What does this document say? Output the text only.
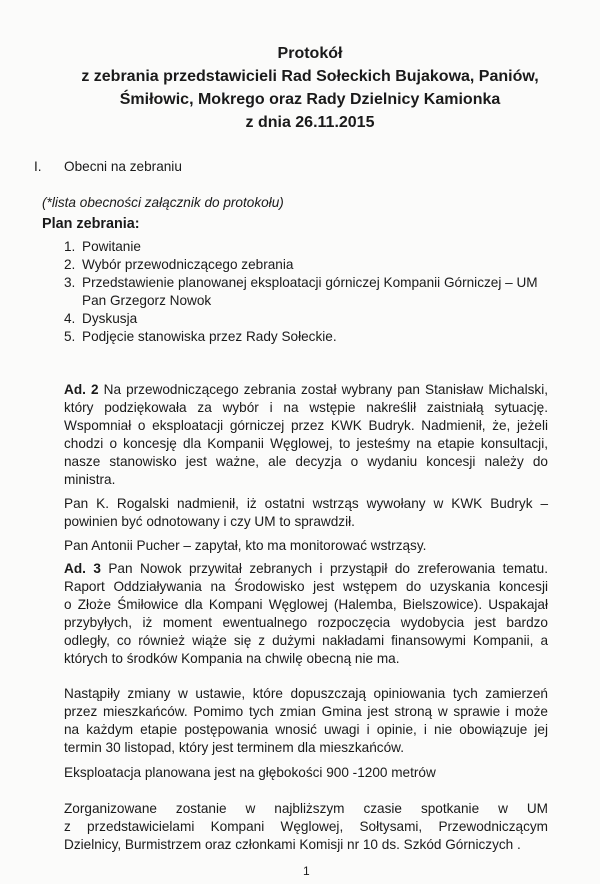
Protokół

z zebrania przedstawicieli Rad Sołeckich Bujakowa, Paniów,

Śmiłowic, Mokrego oraz Rady Dzielnicy Kamionka

z dnia 26.11.2015

I. Obecni na zebraniu

(*lista obecności załącznik do protokołu)

Plan zebrania:

1. Powitanie

2. Wybór przewodniczącego zebrania

3. Przedstawienie planowanej eksploatacji górniczej Kompanii Górniczej – UM

Pan Grzegorz Nowok

4. Dyskusja

5. Podjęcie stanowiska przez Rady Sołeckie.

Ad. 2 Na przewodniczącego zebrania został wybrany pan Stanisław Michalski,

który podziękowała za wybór i na wstępie nakreślił zaistniałą sytuację.

Wspomniał o eksploatacji górniczej przez KWK Budryk. Nadmienił, że, jeżeli

chodzi o koncesję dla Kompanii Węglowej, to jesteśmy na etapie konsultacji,

nasze stanowisko jest ważne, ale decyzja o wydaniu koncesji należy do

ministra.

Pan K. Rogalski nadmienił, iż ostatni wstrząs wywołany w KWK Budryk –

powinien być odnotowany i czy UM to sprawdził.

Pan Antonii Pucher – zapytał, kto ma monitorować wstrząsy.

Ad. 3 Pan Nowok przywitał zebranych i przystąpił do zreferowania tematu.

Raport Oddziaływania na Środowisko jest wstępem do uzyskania koncesji

o Złoże Śmiłowice dla Kompani Węglowej (Halemba, Bielszowice). Uspakajał

przybyłych, iż moment ewentualnego rozpoczęcia wydobycia jest bardzo

odległy, co również wiąże się z dużymi nakładami finansowymi Kompanii, a

których to środków Kompania na chwilę obecną nie ma.

Nastąpiły zmiany w ustawie, które dopuszczają opiniowania tych zamierzeń

przez mieszkańców. Pomimo tych zmian Gmina jest stroną w sprawie i może

na każdym etapie postępowania wnosić uwagi i opinie, i nie obowiązuje jej

termin 30 listopad, który jest terminem dla mieszkańców.

Eksploatacja planowana jest na głębokości 900 -1200 metrów

Zorganizowane zostanie w najbliższym czasie spotkanie w UM

z przedstawicielami Kompani Węglowej, Sołtysami, Przewodniczącym

Dzielnicy, Burmistrzem oraz członkami Komisji nr 10 ds. Szkód Górniczych .

1
